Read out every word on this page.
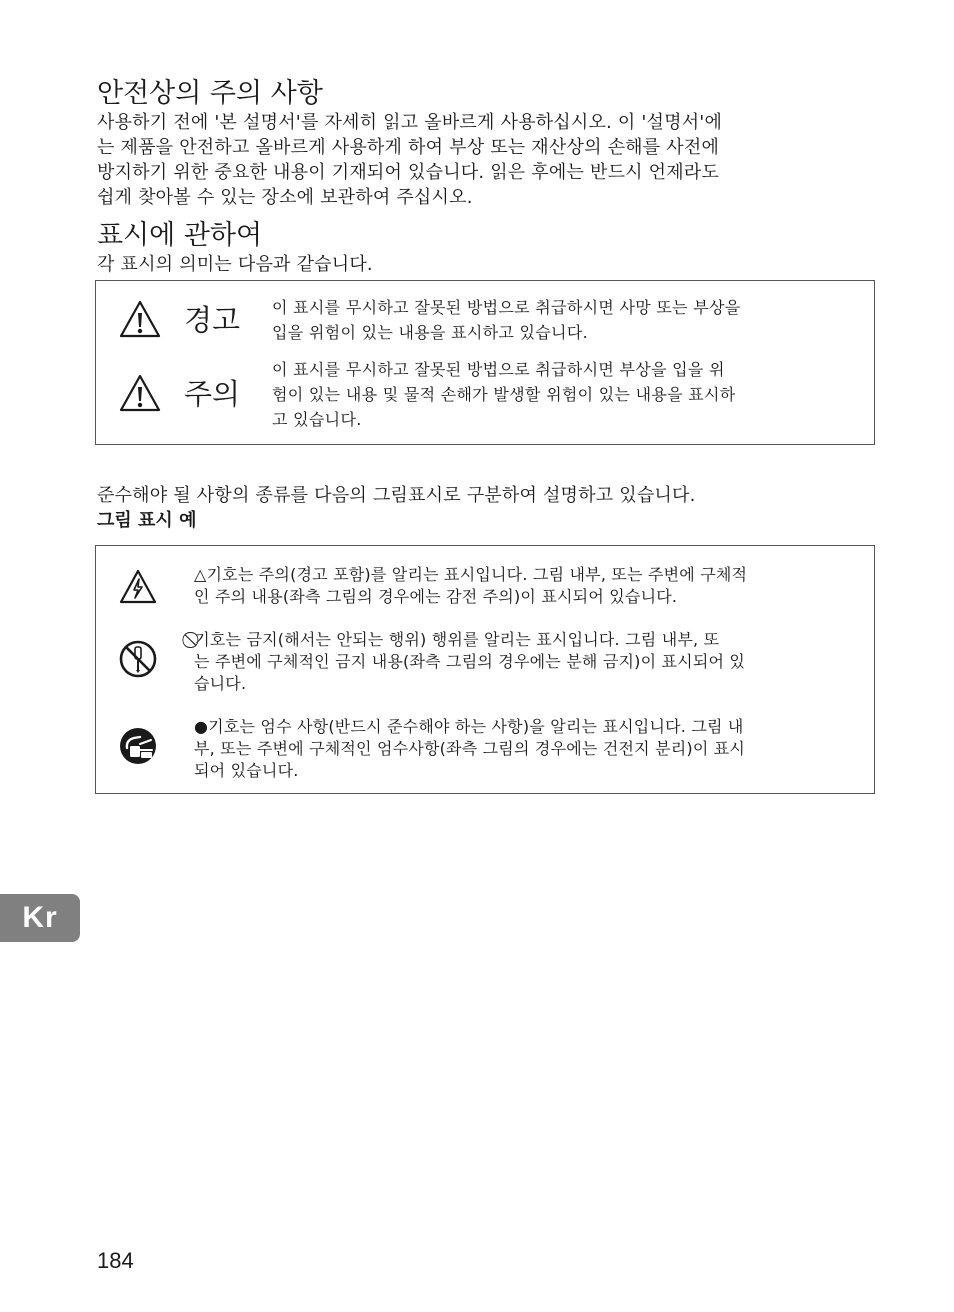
안전상의 주의 사항
사용하기 전에 '본 설명서'를 자세히 읽고 올바르게 사용하십시오. 이 '설명서'에
는 제품을 안전하고 올바르게 사용하게 하여 부상 또는 재산상의 손해를 사전에
방지하기 위한 중요한 내용이 기재되어 있습니다. 읽은 후에는 반드시 언제라도
쉽게 찾아볼 수 있는 장소에 보관하여 주십시오.
표시에 관하여
각 표시의 의미는 다음과 같습니다.
경고 이 표시를 무시하고 잘못된 방법으로 취급하시면 사망 또는 부상을
입을 위험이 있는 내용을 표시하고 있습니다.
주의
이 표시를 무시하고 잘못된 방법으로 취급하시면 부상을 입을 위
험이 있는 내용 및 물적 손해가 발생할 위험이 있는 내용을 표시하
고 있습니다.
준수해야 될 사항의 종류를 다음의 그림표시로 구분하여 설명하고 있습니다.
그림 표시 예
△기호는 주의(경고 포함)를 알리는 표시입니다. 그림 내부, 또는 주변에 구체적
인 주의 내용(좌측 그림의 경우에는 감전 주의)이 표시되어 있습니다.
⃠기호는 금지(해서는 안되는 행위) 행위를 알리는 표시입니다. 그림 내부, 또
는 주변에 구체적인 금지 내용(좌측 그림의 경우에는 분해 금지)이 표시되어 있
습니다.
●기호는 엄수 사항(반드시 준수해야 하는 사항)을 알리는 표시입니다. 그림 내
부, 또는 주변에 구체적인 엄수사항(좌측 그림의 경우에는 건전지 분리)이 표시
되어 있습니다.
Kr
184
